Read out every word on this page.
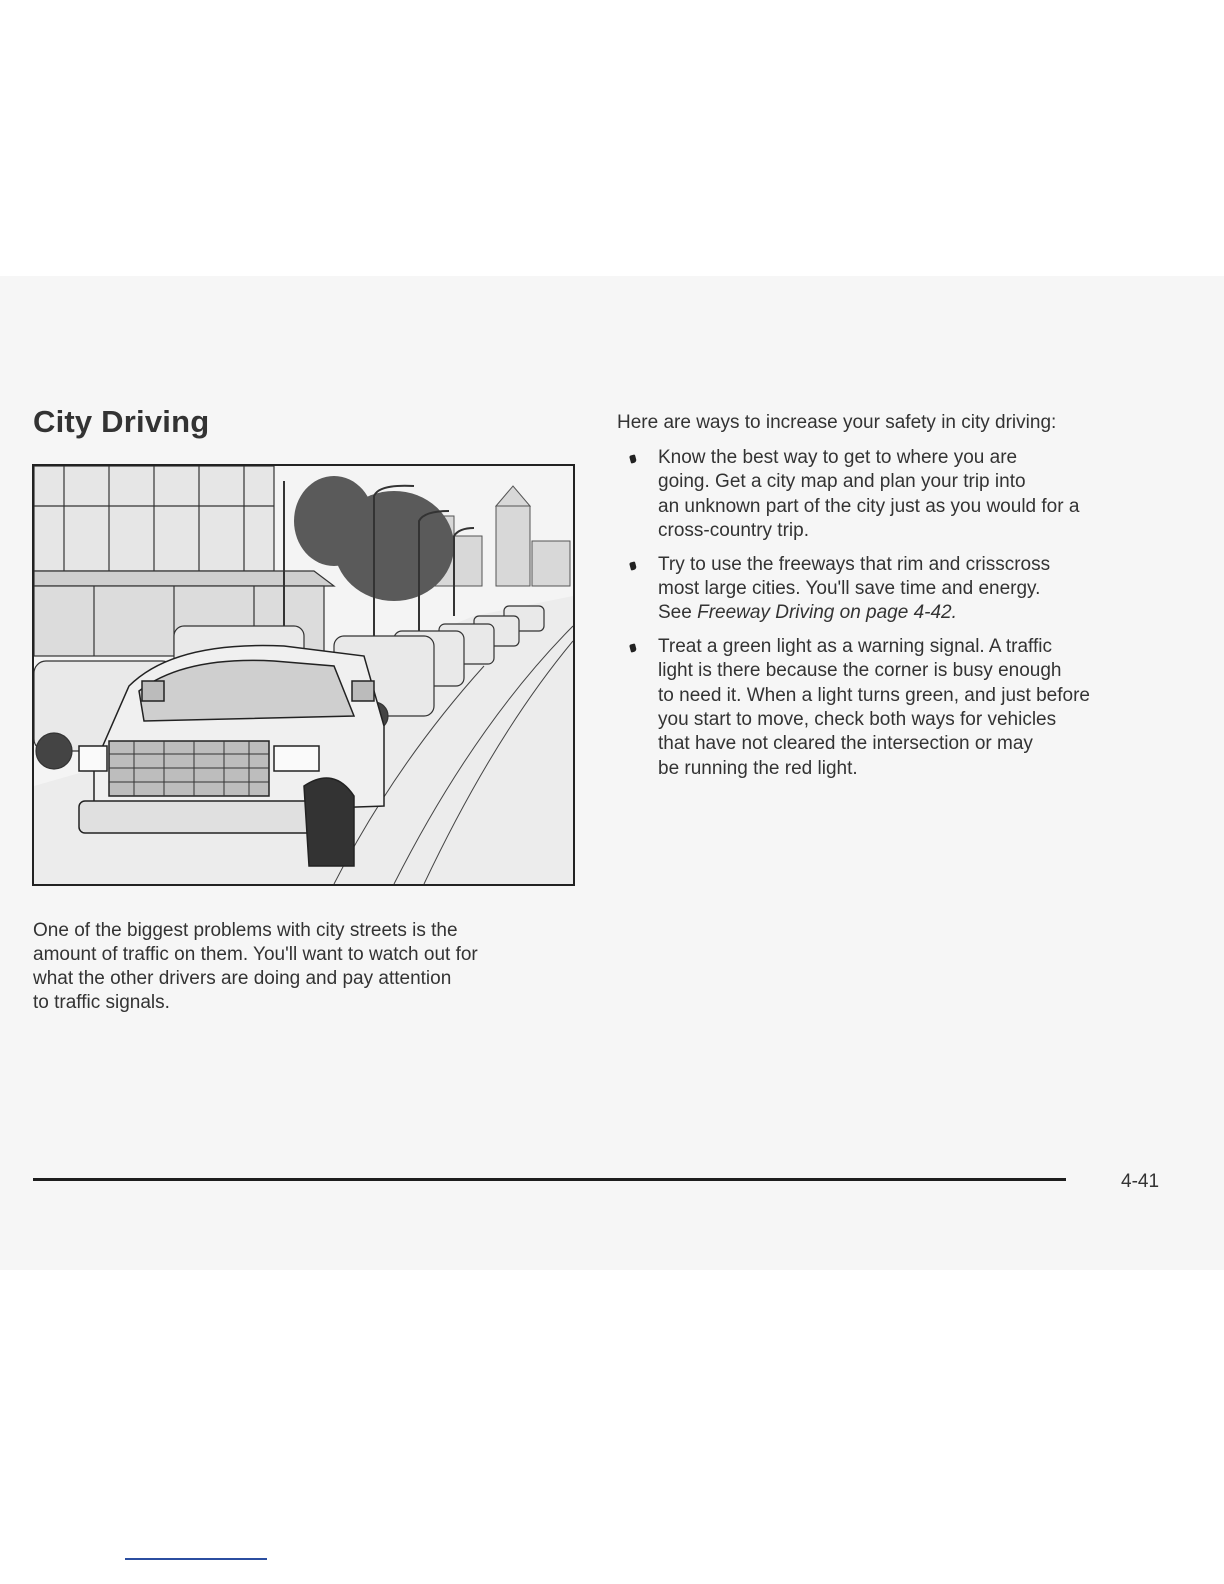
City Driving
One of the biggest problems with city streets is the
amount of traffic on them. You'll want to watch out for
what the other drivers are doing and pay attention
to traffic signals.

Here are ways to increase your safety in city driving:

Know the best way to get to where you are
going. Get a city map and plan your trip into
an unknown part of the city just as you would for a
cross-country trip.
Try to use the freeways that rim and crisscross
most large cities. You'll save time and energy.
See Freeway Driving on page 4-42.
Treat a green light as a warning signal. A traffic
light is there because the corner is busy enough
to need it. When a light turns green, and just before
you start to move, check both ways for vehicles
that have not cleared the intersection or may
be running the red light.
4-41
